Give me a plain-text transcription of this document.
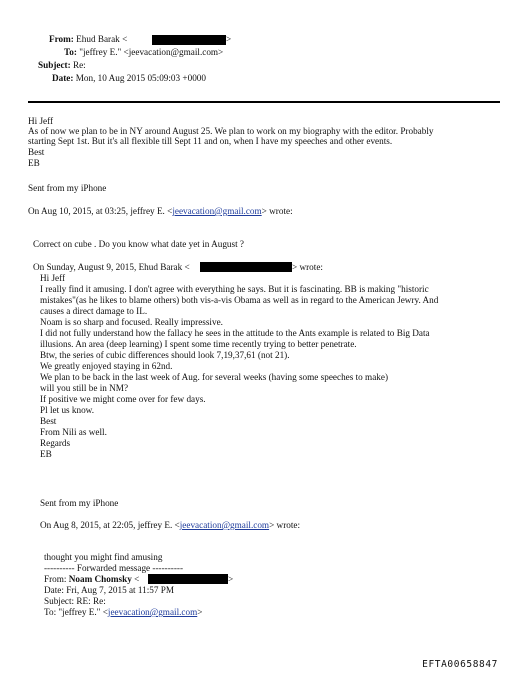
From: Ehud Barak <	>
To: "jeffrey E." <jeevacation@gmail.com>
Subject: Re:
Date: Mon, 10 Aug 2015 05:09:03 +0000
Hi Jeff
As of now we plan to be in NY around August 25. We plan to work on my biography with the editor. Probably
starting Sept 1st. But it's all flexible till Sept 11 and on, when I have my speeches and other events.
Best
EB
Sent from my iPhone
On Aug 10, 2015, at 03:25, jeffrey E. <jeevacation@gmail.com> wrote:
Correct on cube . Do you know what date yet in August ?
On Sunday, August 9, 2015, Ehud Barak <	> wrote:
Hi Jeff
I really find it amusing. I don't agree with everything he says. But it is fascinating. BB is making "historic
mistakes"(as he likes to blame others) both vis-a-vis Obama as well as in regard to the American Jewry. And
causes a direct damage to IL.
Noam is so sharp and focused. Really impressive.
I did not fully understand how the fallacy he sees in the attitude to the Ants example is related to Big Data
illusions. An area (deep learning) I spent some time recently trying to better penetrate.
Btw, the series of cubic differences should look 7,19,37,61 (not 21).
We greatly enjoyed staying in 62nd.
We plan to be back in the last week of Aug. for several weeks (having some speeches to make)
will you still be in NM?
If positive we might come over for few days.
Pl let us know.
Best
From Nili as well.
Regards
EB
Sent from my iPhone
On Aug 8, 2015, at 22:05, jeffrey E. <jeevacation@gmail.com> wrote:
thought you might find amusing
---------- Forwarded message ----------
From: Noam Chomsky <
Date: Fri, Aug 7, 2015 at 11:57 PM
Subject: RE: Re:
To: "jeffrey E." <jeevacation@gmail.com>
>
EFTA00658847
